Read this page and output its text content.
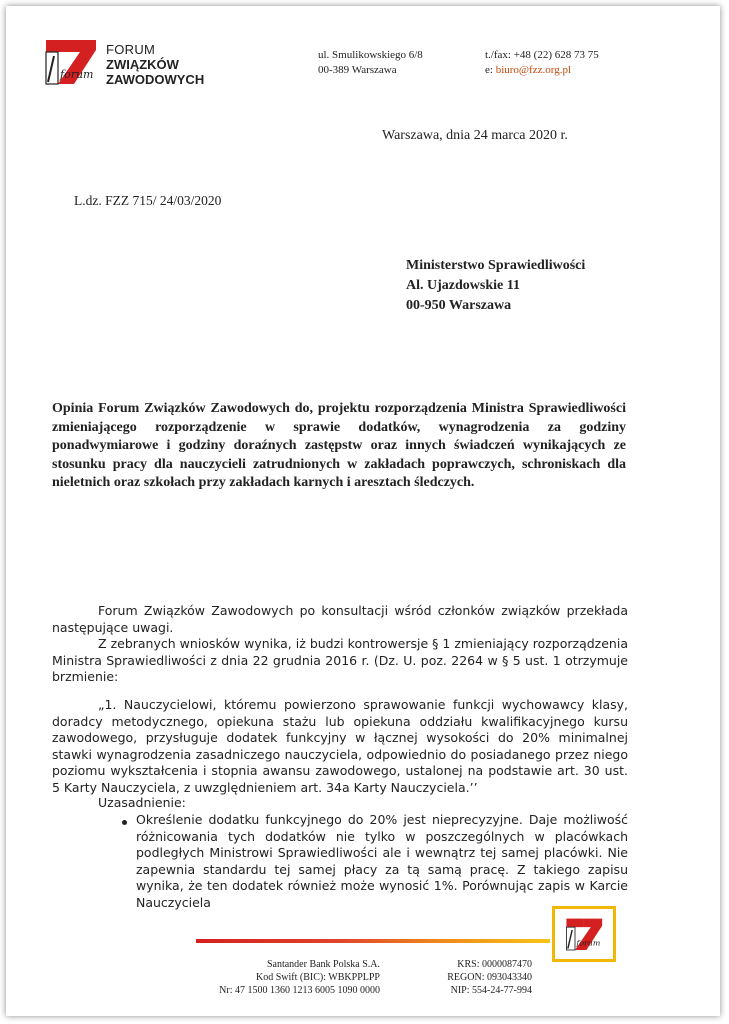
forum
FORUM
ZWIĄZKÓW
ZAWODOWYCH
ul. Smulikowskiego 6/8
00-389 Warszawa
t./fax: +48 (22) 628 73 75
e: biuro@fzz.org.pl
Warszawa, dnia 24 marca 2020 r.
L.dz. FZZ 715/ 24/03/2020
Ministerstwo Sprawiedliwości
Al. Ujazdowskie 11
00-950 Warszawa
Opinia Forum Związków Zawodowych do, projektu rozporządzenia Ministra Sprawiedliwości zmieniającego rozporządzenie w sprawie dodatków, wynagrodzenia za godziny ponadwymiarowe i godziny doraźnych zastępstw oraz innych świadczeń wynikających ze stosunku pracy dla nauczycieli zatrudnionych w zakładach poprawczych, schroniskach dla nieletnich oraz szkołach przy zakładach karnych i aresztach śledczych.
Forum Związków Zawodowych po konsultacji wśród członków związków przekłada następujące uwagi.
Z zebranych wniosków wynika, iż budzi kontrowersje § 1 zmieniający rozporządzenia Ministra Sprawiedliwości z dnia 22 grudnia 2016 r. (Dz. U. poz. 2264 w § 5 ust. 1 otrzymuje brzmienie:
„1. Nauczycielowi, któremu powierzono sprawowanie funkcji wychowawcy klasy, doradcy metodycznego, opiekuna stażu lub opiekuna oddziału kwalifikacyjnego kursu zawodowego, przysługuje dodatek funkcyjny w łącznej wysokości do 20% minimalnej stawki wynagrodzenia zasadniczego nauczyciela, odpowiednio do posiadanego przez niego poziomu wykształcenia i stopnia awansu zawodowego, ustalonej na podstawie art. 30 ust. 5 Karty Nauczyciela, z uwzględnieniem art. 34a Karty Nauczyciela.’’
Uzasadnienie:
Określenie dodatku funkcyjnego do 20% jest nieprecyzyjne. Daje możliwość różnicowania tych dodatków nie tylko w poszczególnych w placówkach podległych Ministrowi Sprawiedliwości ale i wewnątrz tej samej placówki. Nie zapewnia standardu tej samej płacy za tą samą pracę. Z takiego zapisu wynika, że ten dodatek również może wynosić 1%. Porównując zapis w Karcie Nauczyciela
forum
Santander Bank Polska S.A.
Kod Swift (BIC): WBKPPLPP
Nr: 47 1500 1360 1213 6005 1090 0000
KRS: 0000087470
REGON: 093043340
NIP: 554-24-77-994
